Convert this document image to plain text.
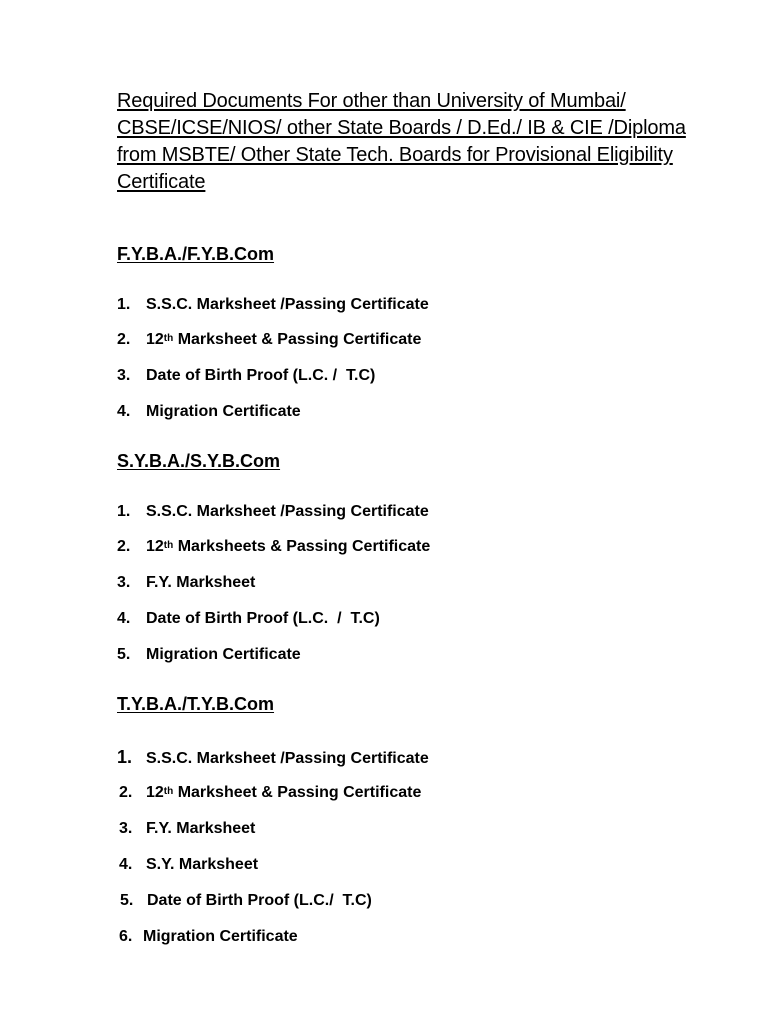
Required Documents For other than University of Mumbai/
CBSE/ICSE/NIOS/ other State Boards / D.Ed./ IB & CIE /Diploma
from MSBTE/ Other State Tech. Boards for Provisional Eligibility
Certificate
F.Y.B.A./F.Y.B.Com
1. S.S.C. Marksheet /Passing Certificate
2. 12th Marksheet & Passing Certificate
3. Date of Birth Proof (L.C. /  T.C)
4. Migration Certificate
S.Y.B.A./S.Y.B.Com
1. S.S.C. Marksheet /Passing Certificate
2. 12th Marksheets & Passing Certificate
3. F.Y. Marksheet
4. Date of Birth Proof (L.C.  /  T.C)
5. Migration Certificate
T.Y.B.A./T.Y.B.Com
1. S.S.C. Marksheet /Passing Certificate
2. 12th Marksheet & Passing Certificate
3. F.Y. Marksheet
4. S.Y. Marksheet
5. Date of Birth Proof (L.C./  T.C)
6. Migration Certificate
